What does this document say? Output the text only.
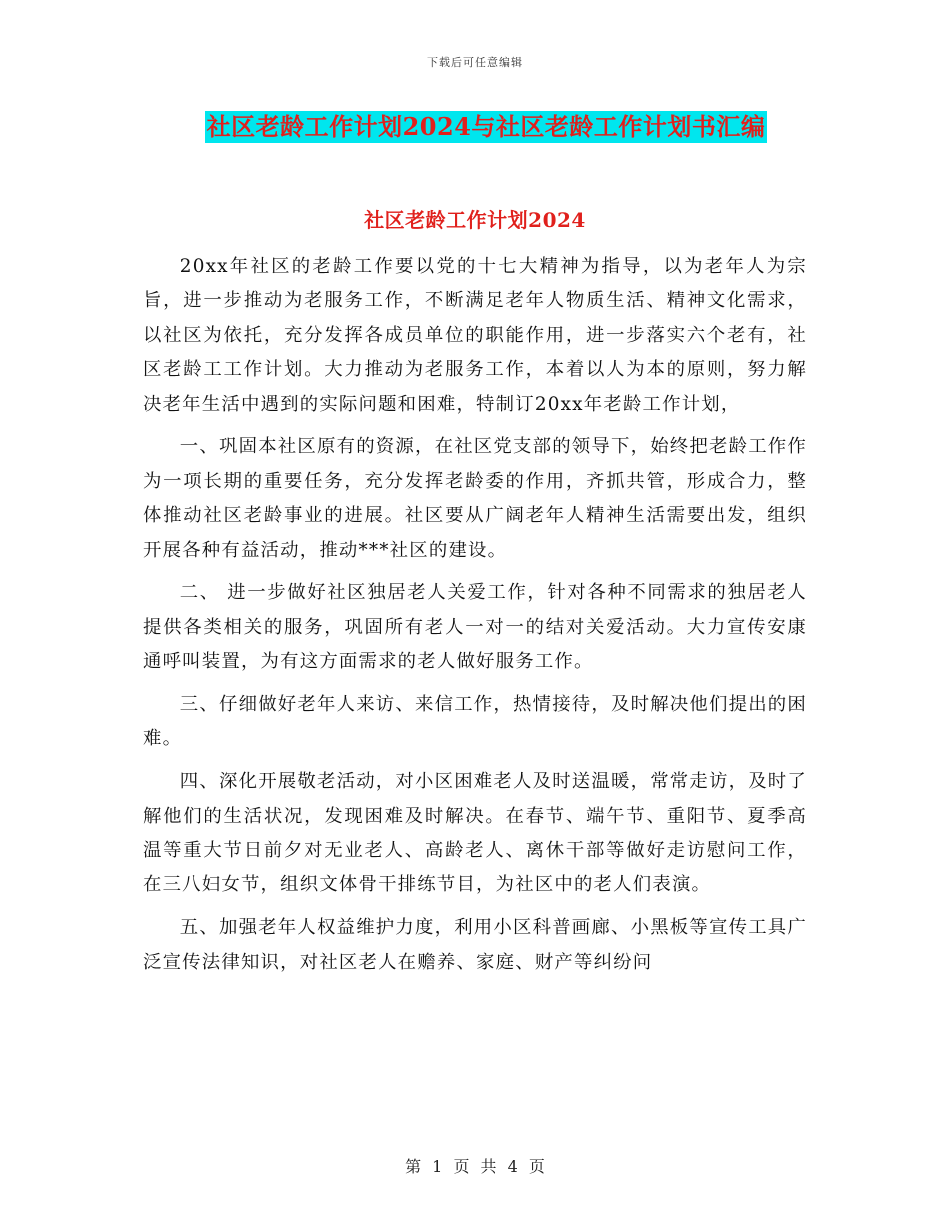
下载后可任意编辑
社区老龄工作计划2024与社区老龄工作计划书汇编
社区老龄工作计划2024

20xx年社区的老龄工作要以党的十七大精神为指导，以为老年人为宗旨，进一步推动为老服务工作，不断满足老年人物质生活、精神文化需求，以社区为依托，充分发挥各成员单位的职能作用，进一步落实六个老有，社区老龄工工作计划。大力推动为老服务工作，本着以人为本的原则，努力解决老年生活中遇到的实际问题和困难，特制订20xx年老龄工作计划，

一、巩固本社区原有的资源，在社区党支部的领导下，始终把老龄工作作为一项长期的重要任务，充分发挥老龄委的作用，齐抓共管，形成合力，整体推动社区老龄事业的进展。社区要从广阔老年人精神生活需要出发，组织开展各种有益活动，推动***社区的建设。

二、 进一步做好社区独居老人关爱工作，针对各种不同需求的独居老人提供各类相关的服务，巩固所有老人一对一的结对关爱活动。大力宣传安康通呼叫装置，为有这方面需求的老人做好服务工作。

三、仔细做好老年人来访、来信工作，热情接待，及时解决他们提出的困难。

四、深化开展敬老活动，对小区困难老人及时送温暖，常常走访，及时了解他们的生活状况，发现困难及时解决。在春节、端午节、重阳节、夏季高温等重大节日前夕对无业老人、高龄老人、离休干部等做好走访慰问工作，在三八妇女节，组织文体骨干排练节目，为社区中的老人们表演。

五、加强老年人权益维护力度，利用小区科普画廊、小黑板等宣传工具广泛宣传法律知识，对社区老人在赡养、家庭、财产等纠纷问

第 1 页 共 4 页
